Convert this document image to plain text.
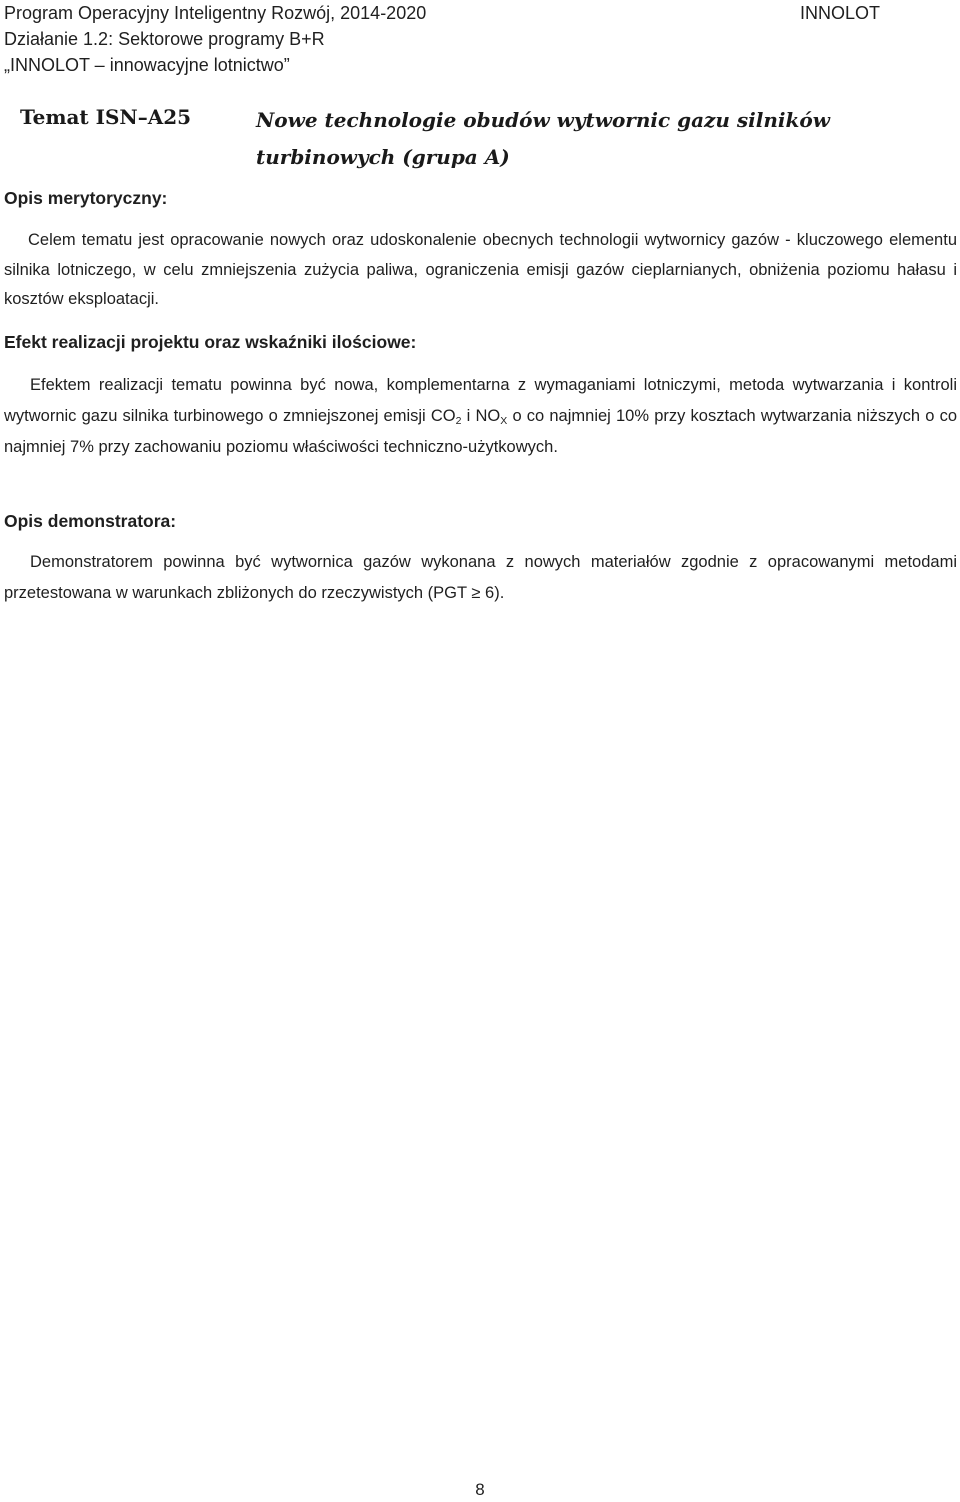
Program Operacyjny Inteligentny Rozwój, 2014-2020	INNOLOT
Działanie 1.2: Sektorowe programy B+R
„INNOLOT – innowacyjne lotnictwo”
Temat ISN–A25	Nowe technologie obudów wytwornic gazu silników turbinowych (grupa A)
Opis merytoryczny:
Celem tematu jest opracowanie nowych oraz udoskonalenie obecnych technologii wytwornicy gazów - kluczowego elementu silnika lotniczego, w celu zmniejszenia zużycia paliwa, ograniczenia emisji gazów cieplarnianych, obniżenia poziomu hałasu i kosztów eksploatacji.
Efekt realizacji projektu oraz wskaźniki ilościowe:
Efektem realizacji tematu powinna być nowa, komplementarna z wymaganiami lotniczymi, metoda wytwarzania i kontroli wytwornic gazu silnika turbinowego o zmniejszonej emisji $CO_2$ i $NO_X$ o co najmniej 10% przy kosztach wytwarzania niższych o co najmniej 7% przy zachowaniu poziomu właściwości techniczno-użytkowych.
Opis demonstratora:
Demonstratorem powinna być wytwornica gazów wykonana z nowych materiałów zgodnie z opracowanymi metodami przetestowana w warunkach zbliżonych do rzeczywistych (PGT ≥ 6).
8
